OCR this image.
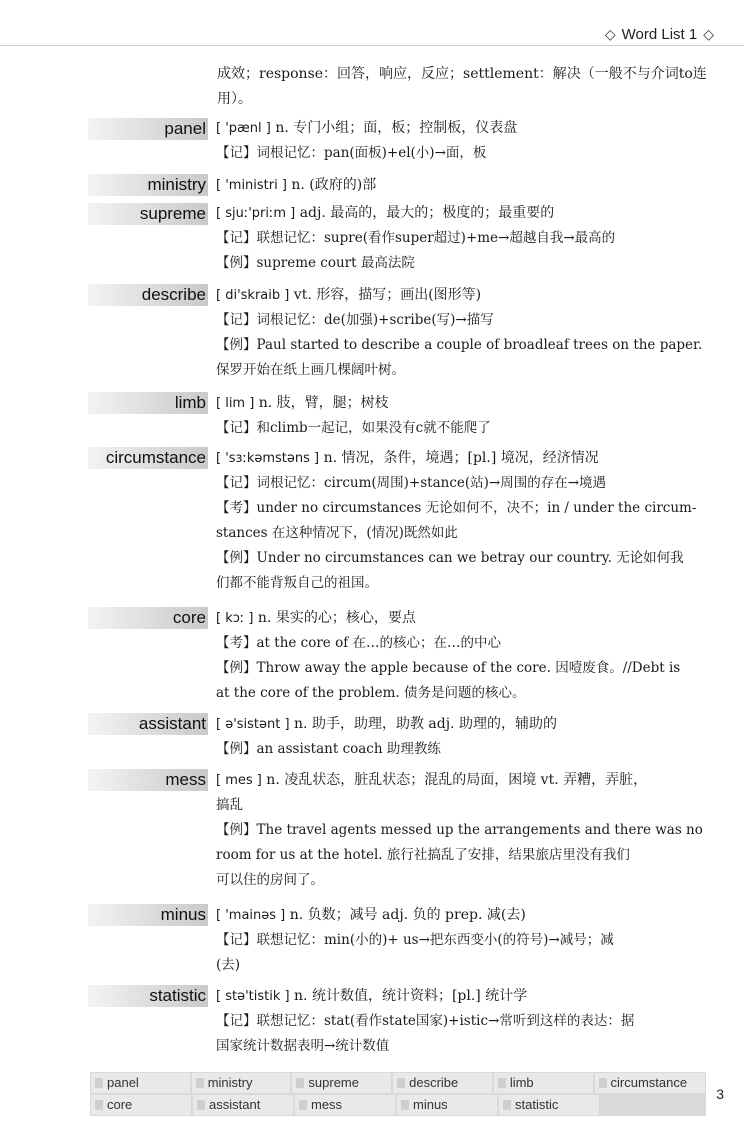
◇ Word List 1 ◇
成效；response：回答，响应，反应；settlement：解决（一般不与介词to连用）。
panel [ 'pænl ] n. 专门小组；面，板；控制板，仪表盘
【记】词根记忆：pan(面板)+el(小)→面，板
ministry [ 'ministri ] n. (政府的)部
supreme [ sjuː'priːm ] adj. 最高的，最大的；极度的；最重要的
【记】联想记忆：supre(看作super超过)+me→超越自我→最高的
【例】supreme court 最高法院
describe [ di'skraib ] vt. 形容，描写；画出(图形等)
【记】词根记忆：de(加强)+scribe(写)→描写
【例】Paul started to describe a couple of broadleaf trees on the paper.
保罗开始在纸上画几棵阔叶树。
limb [ lim ] n. 肢，臂，腿；树枝
【记】和climb一起记，如果没有c就不能爬了
circumstance [ 'sɜːkəmstəns ] n. 情况，条件，境遇；[pl.] 境况，经济情况
【记】词根记忆：circum(周围)+stance(站)→周围的存在→境遇
【考】under no circumstances 无论如何不，决不；in / under the circum-
stances 在这种情况下，(情况)既然如此
【例】Under no circumstances can we betray our country. 无论如何我
们都不能背叛自己的祖国。
core [ kɔː ] n. 果实的心；核心，要点
【考】at the core of 在…的核心；在…的中心
【例】Throw away the apple because of the core. 因噎废食。//Debt is
at the core of the problem. 债务是问题的核心。
assistant [ ə'sistənt ] n. 助手，助理，助教 adj. 助理的，辅助的
【例】an assistant coach 助理教练
mess [ mes ] n. 凌乱状态，脏乱状态；混乱的局面，困境 vt. 弄糟，弄脏，
搞乱
【例】The travel agents messed up the arrangements and there was no
room for us at the hotel. 旅行社搞乱了安排，结果旅店里没有我们
可以住的房间了。
minus [ 'mainəs ] n. 负数；减号 adj. 负的 prep. 减(去)
【记】联想记忆：min(小的)+ us→把东西变小(的符号)→减号；减
(去)
statistic [ stə'tistik ] n. 统计数值，统计资料；[pl.] 统计学
【记】联想记忆：stat(看作state国家)+istic→常听到这样的表达：据
国家统计数据表明→统计数值
panel	ministry	supreme	describe	limb	circumstance
core	assistant	mess	minus	statistic
3
